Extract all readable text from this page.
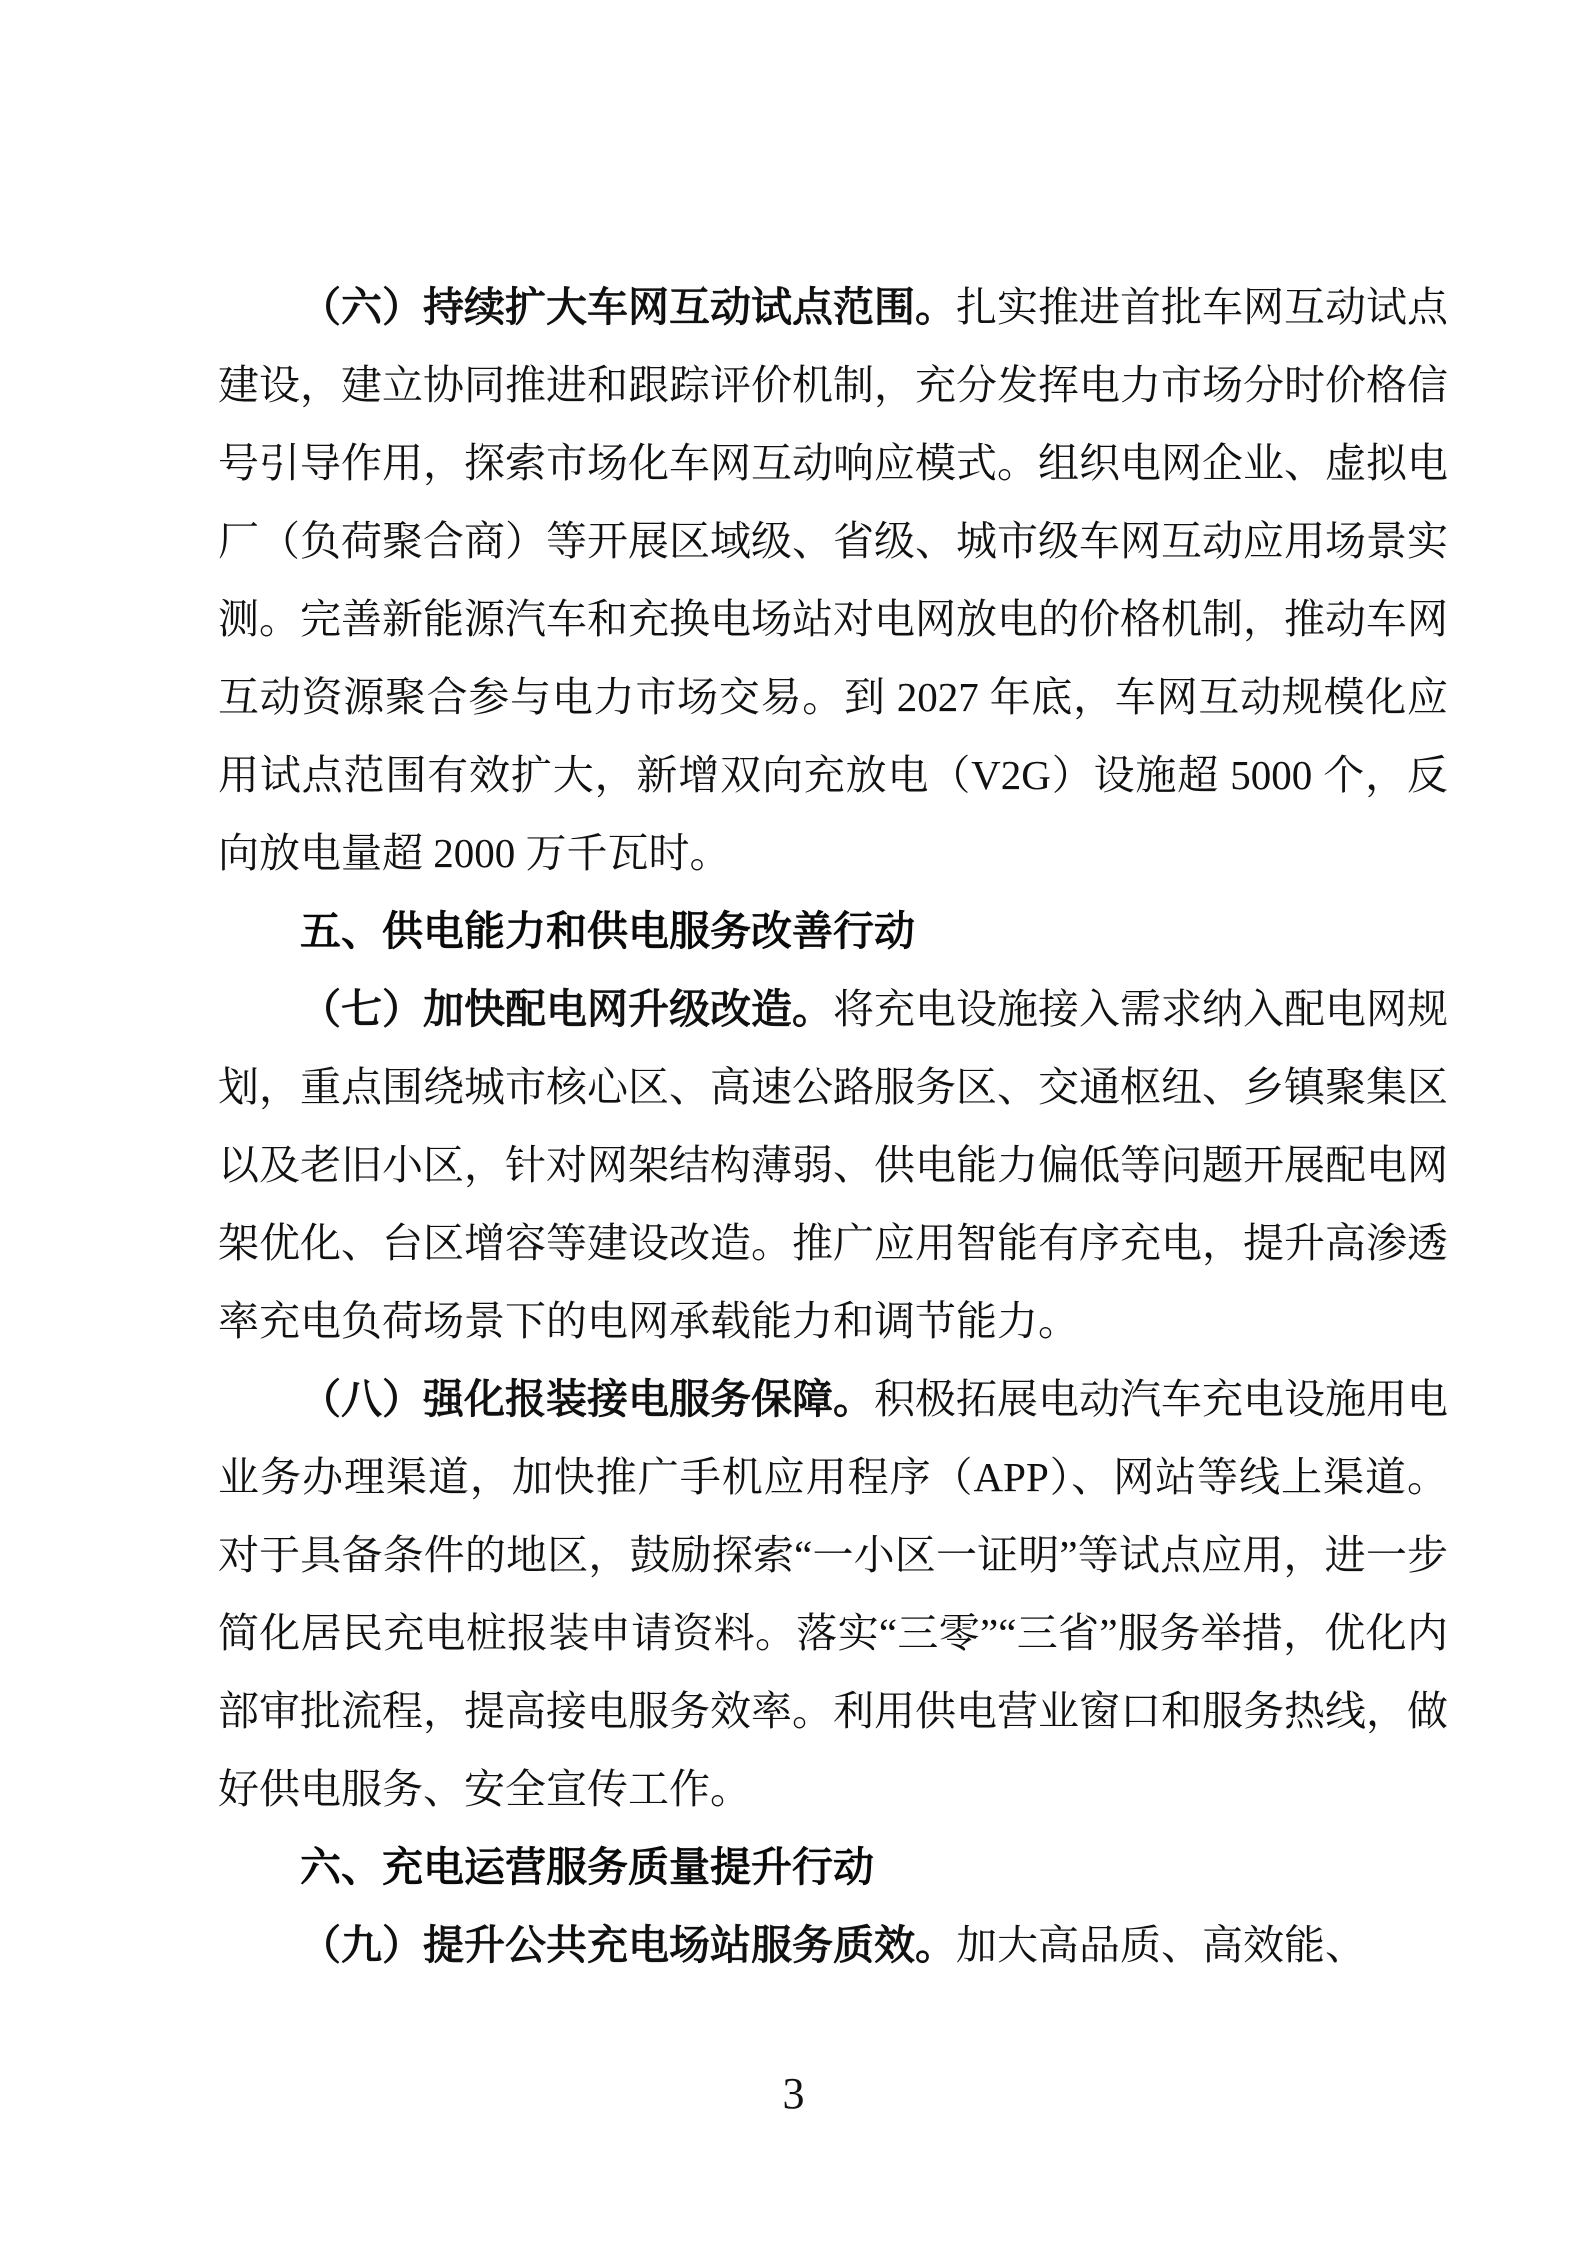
（六）持续扩大车网互动试点范围。扎实推进首批车网互动试点建设，建立协同推进和跟踪评价机制，充分发挥电力市场分时价格信号引导作用，探索市场化车网互动响应模式。组织电网企业、虚拟电厂（负荷聚合商）等开展区域级、省级、城市级车网互动应用场景实测。完善新能源汽车和充换电场站对电网放电的价格机制，推动车网互动资源聚合参与电力市场交易。到 2027 年底，车网互动规模化应用试点范围有效扩大，新增双向充放电（V2G）设施超 5000 个，反向放电量超 2000 万千瓦时。

五、供电能力和供电服务改善行动

（七）加快配电网升级改造。将充电设施接入需求纳入配电网规划，重点围绕城市核心区、高速公路服务区、交通枢纽、乡镇聚集区以及老旧小区，针对网架结构薄弱、供电能力偏低等问题开展配电网架优化、台区增容等建设改造。推广应用智能有序充电，提升高渗透率充电负荷场景下的电网承载能力和调节能力。

（八）强化报装接电服务保障。积极拓展电动汽车充电设施用电业务办理渠道，加快推广手机应用程序（APP）、网站等线上渠道。对于具备条件的地区，鼓励探索“一小区一证明”等试点应用，进一步简化居民充电桩报装申请资料。落实“三零”“三省”服务举措，优化内部审批流程，提高接电服务效率。利用供电营业窗口和服务热线，做好供电服务、安全宣传工作。

六、充电运营服务质量提升行动

（九）提升公共充电场站服务质效。加大高品质、高效能、

3
